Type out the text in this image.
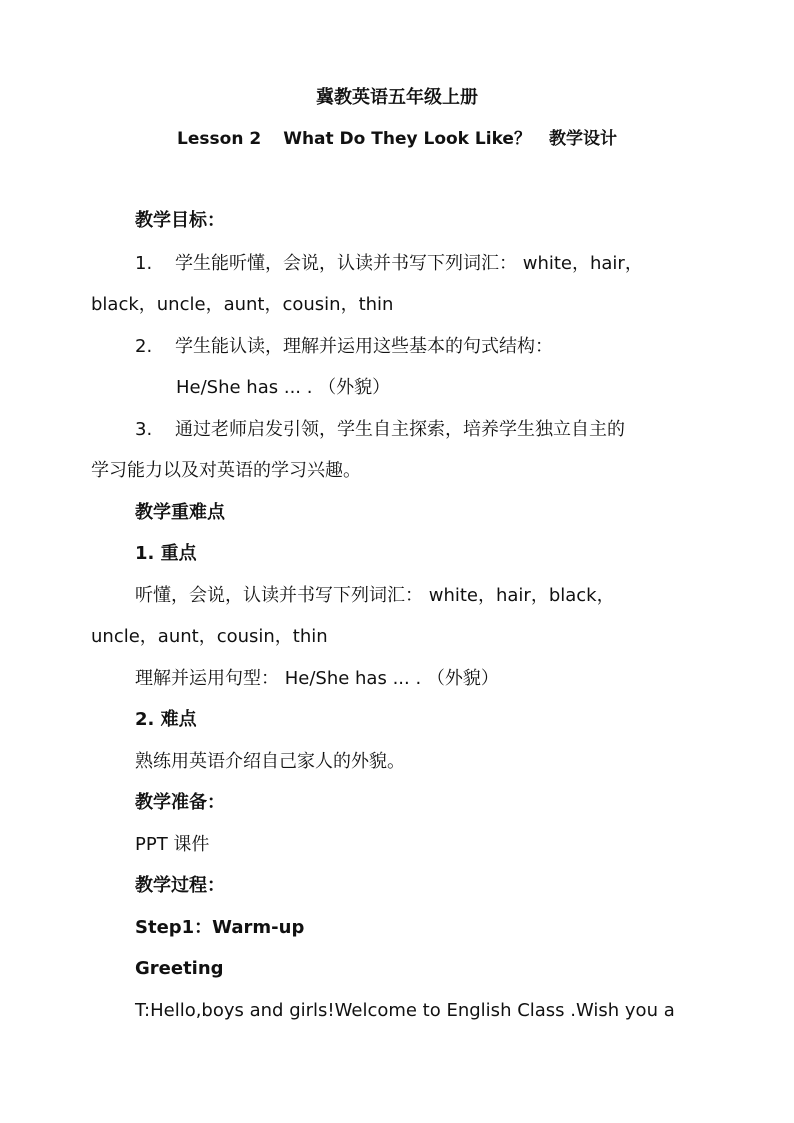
冀教英语五年级上册
Lesson 2 What Do They Look Like？ 教学设计
教学目标：
1. 学生能听懂，会说，认读并书写下列词汇： white，hair，
black，uncle，aunt，cousin，thin
2. 学生能认读，理解并运用这些基本的句式结构：
He/She has ... . （外貌）
3. 通过老师启发引领，学生自主探索，培养学生独立自主的
学习能力以及对英语的学习兴趣。
教学重难点
1. 重点
听懂，会说，认读并书写下列词汇： white，hair，black，
uncle，aunt，cousin，thin
理解并运用句型： He/She has ... . （外貌）
2. 难点
熟练用英语介绍自己家人的外貌。
教学准备：
PPT 课件
教学过程：
Step1：Warm-up
Greeting
T:Hello,boys and girls!Welcome to English Class .Wish you a
